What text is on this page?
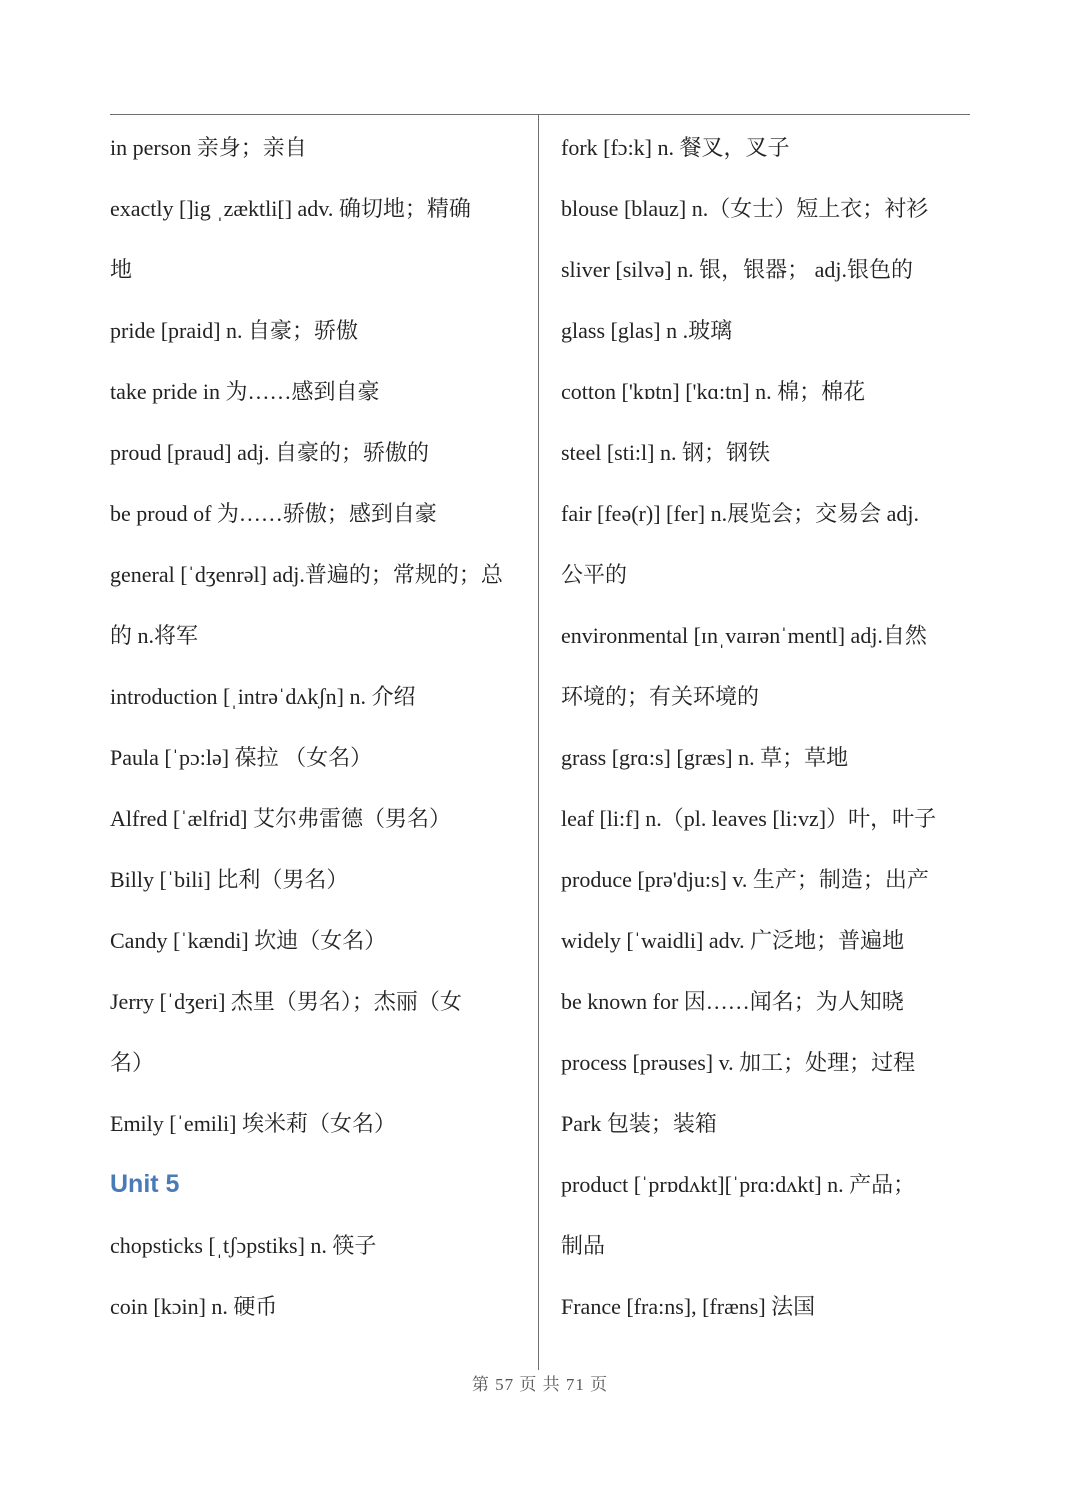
in person 亲身；亲自
exactly []ig ˌzæktli[] adv. 确切地；精确
地
pride [praid] n. 自豪；骄傲
take pride in 为……感到自豪
proud [praud] adj. 自豪的；骄傲的
be proud of 为……骄傲；感到自豪
general [ˈdʒenrəl] adj.普遍的；常规的；总
的 n.将军
introduction [ˌintrəˈdʌkʃn] n. 介绍
Paula [ˈpɔ:lə] 葆拉 （女名）
Alfred [ˈælfrid] 艾尔弗雷德（男名）
Billy [ˈbili] 比利（男名）
Candy [ˈkændi] 坎迪（女名）
Jerry [ˈdʒeri] 杰里（男名）；杰丽（女
名）
Emily [ˈemili] 埃米莉（女名）
Unit 5
chopsticks [ˌtʃɔpstiks] n. 筷子
coin [kɔin] n. 硬币
fork [fɔ:k] n. 餐叉，叉子
blouse [blauz] n.（女士）短上衣；衬衫
sliver [silvə] n. 银，银器； adj.银色的
glass [glas] n .玻璃
cotton ['kɒtn] ['kɑ:tn] n. 棉；棉花
steel [sti:l] n. 钢；钢铁
fair [feə(r)] [fer] n.展览会；交易会 adj.
公平的
environmental [ɪnˌvaɪrənˈmentl] adj.自然
环境的；有关环境的
grass [grɑ:s] [græs] n. 草；草地
leaf [li:f] n.（pl. leaves [li:vz]）叶，叶子
produce [prə'dju:s] v. 生产；制造；出产
widely [ˈwaidli] adv. 广泛地；普遍地
be known for 因……闻名；为人知晓
process [prəuses] v. 加工；处理；过程
Park 包装；装箱
product [ˈprɒdʌkt][ˈprɑ:dʌkt] n. 产品；
制品
France [fra:ns], [fræns] 法国
第 57 页 共 71 页
